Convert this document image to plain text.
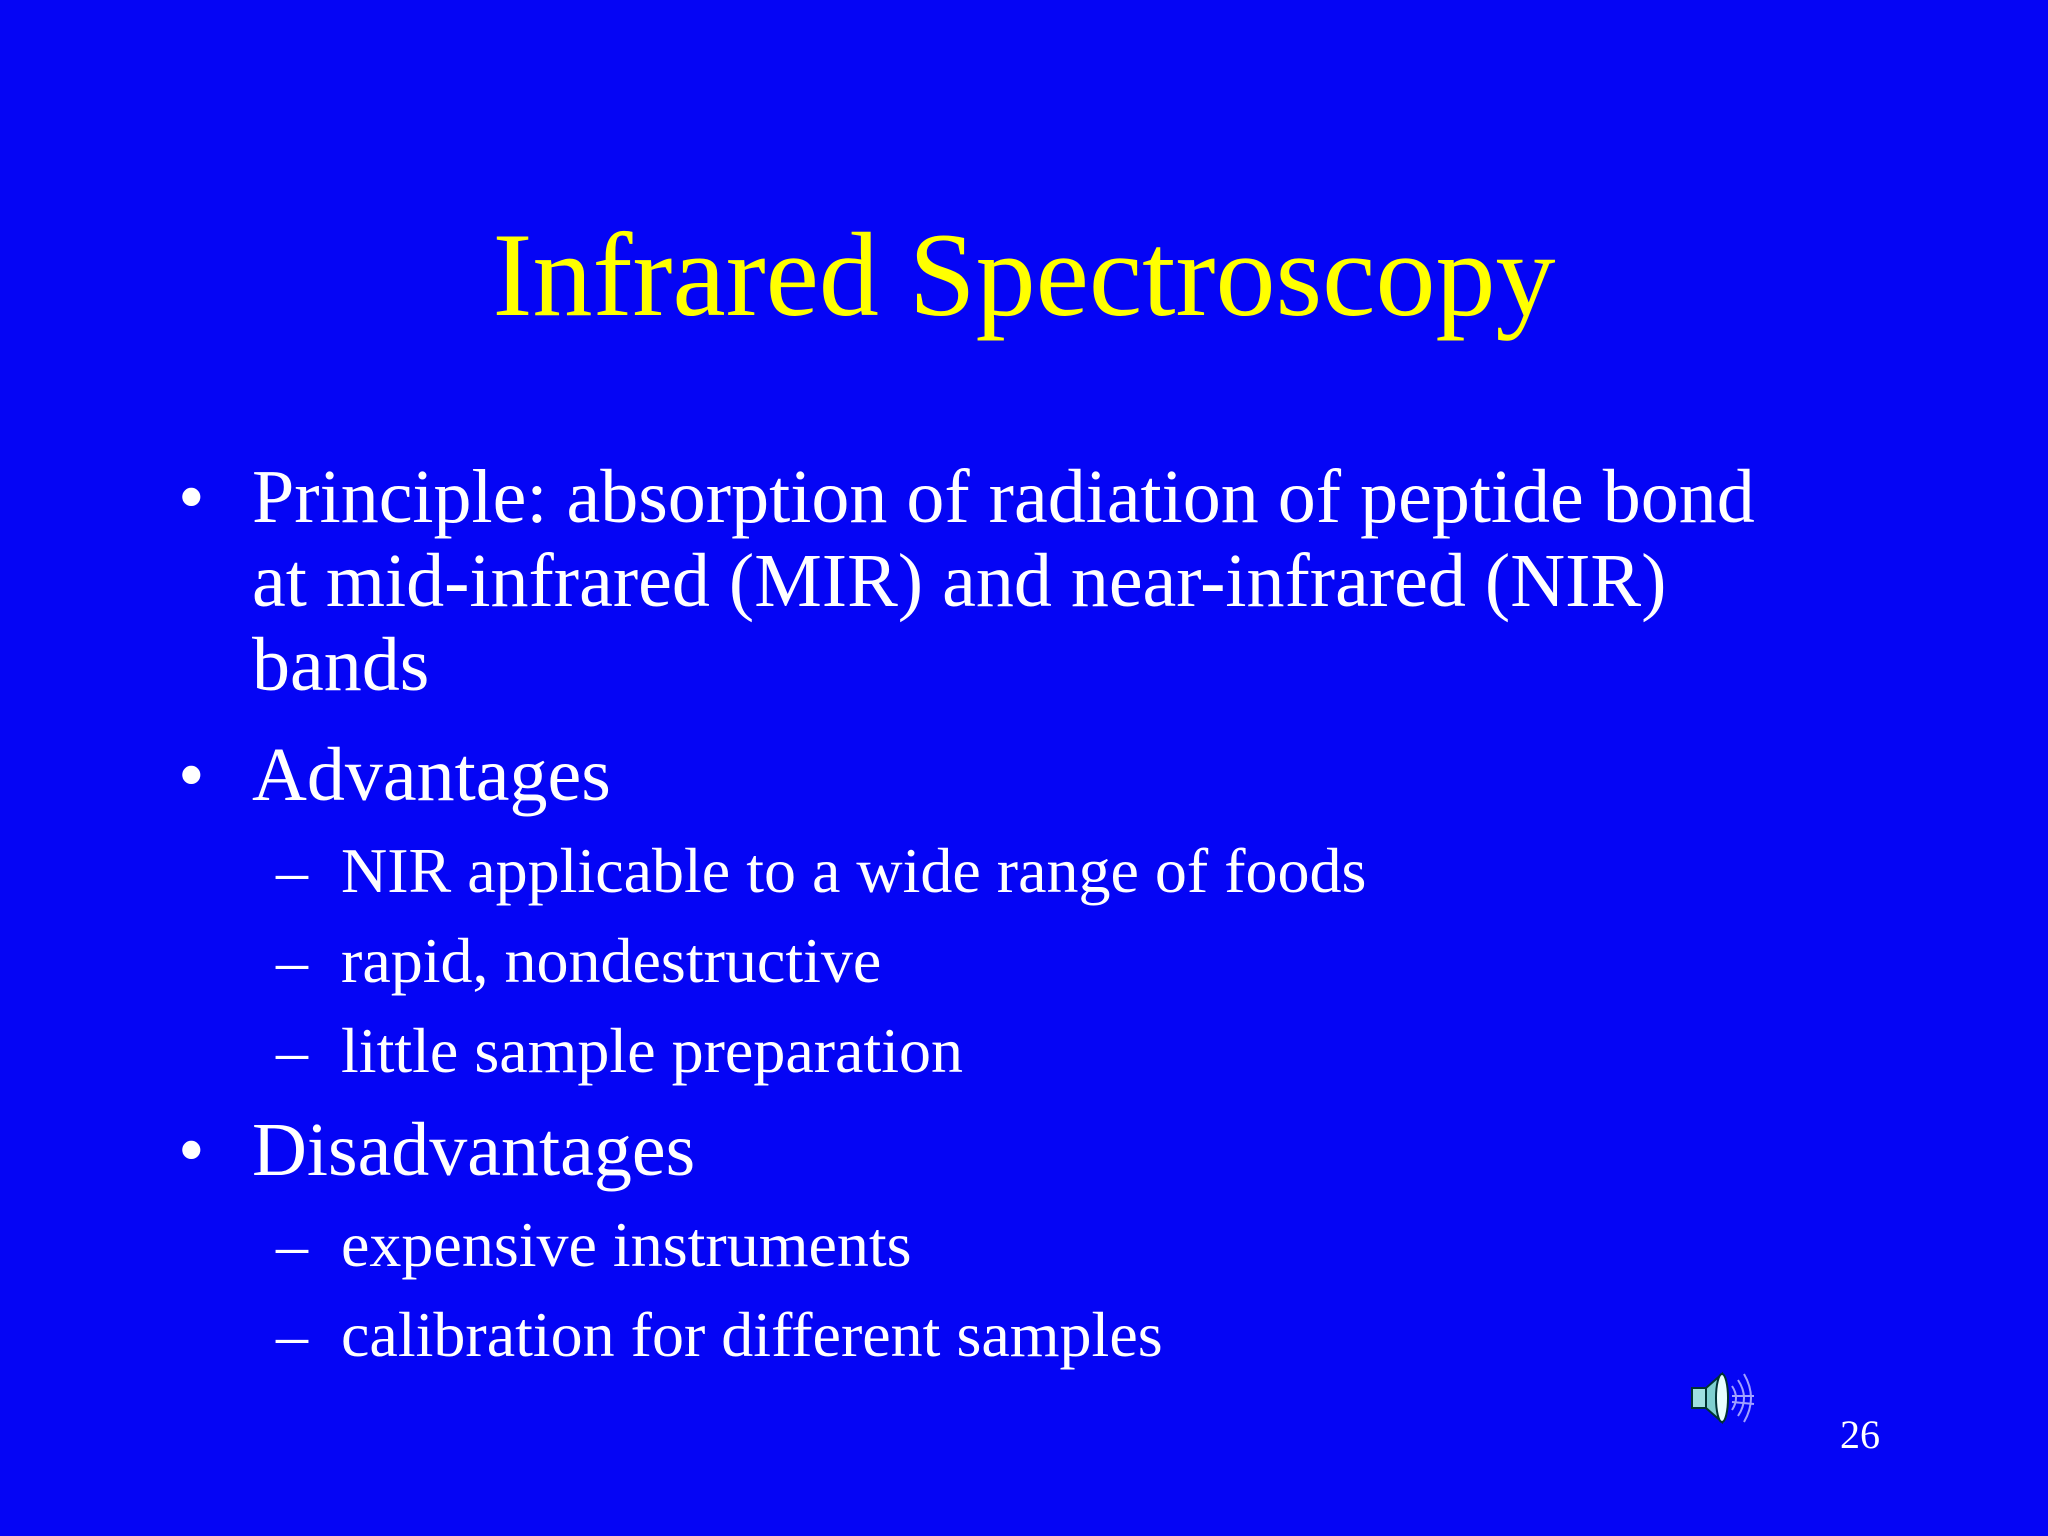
Infrared Spectroscopy
• Principle: absorption of radiation of peptide bond
at mid-infrared (MIR) and near-infrared (NIR)
bands
• Advantages
– NIR applicable to a wide range of foods
– rapid, nondestructive
– little sample preparation
• Disadvantages
– expensive instruments
– calibration for different samples
26
